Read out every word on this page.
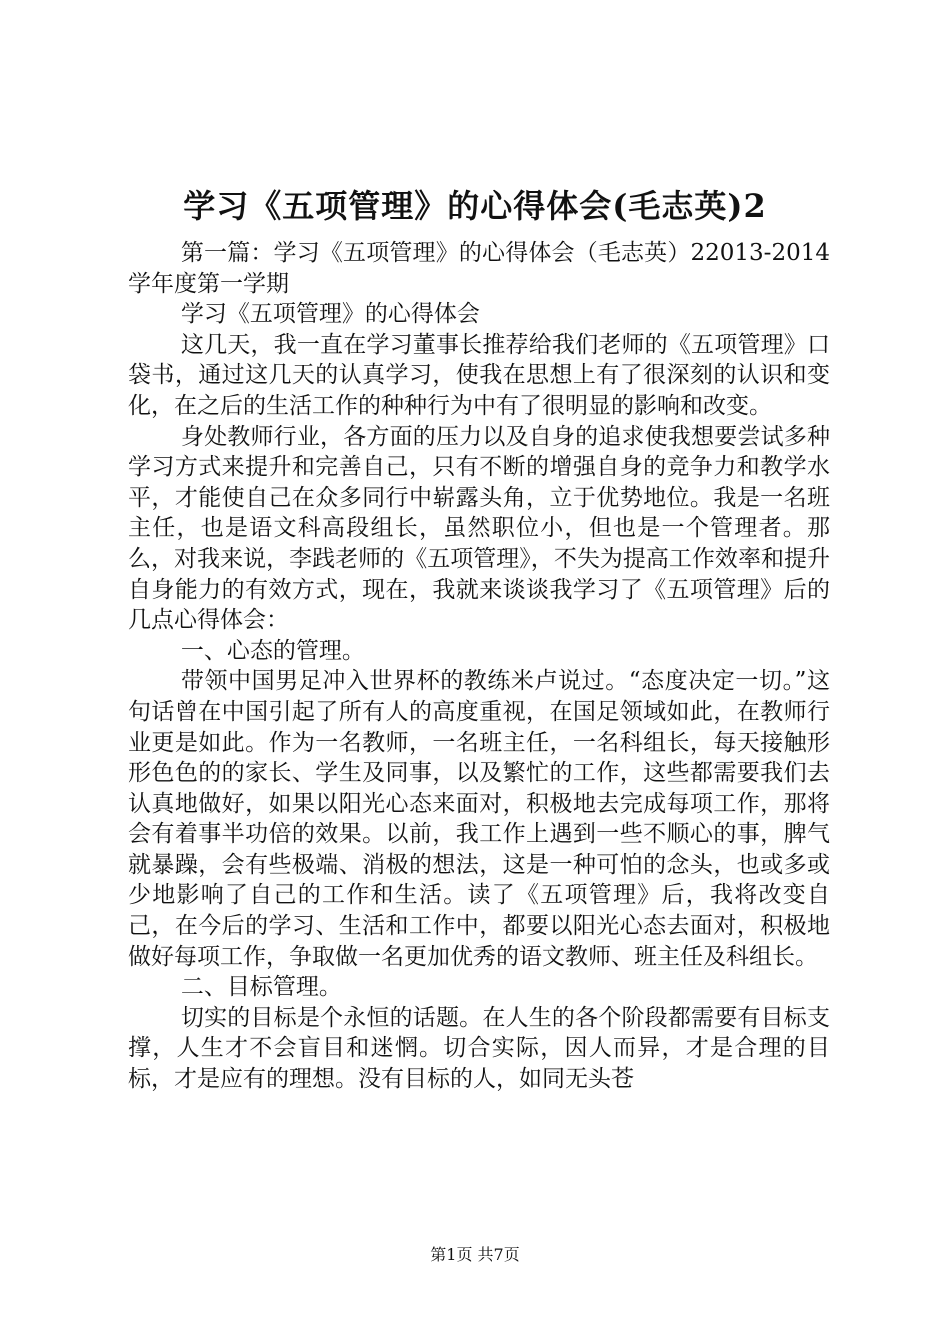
学习《五项管理》的心得体会(毛志英)2

第一篇：学习《五项管理》的心得体会（毛志英）22013-2014学年度第一学期

学习《五项管理》的心得体会

这几天，我一直在学习董事长推荐给我们老师的《五项管理》口袋书，通过这几天的认真学习，使我在思想上有了很深刻的认识和变化，在之后的生活工作的种种行为中有了很明显的影响和改变。

身处教师行业，各方面的压力以及自身的追求使我想要尝试多种学习方式来提升和完善自己，只有不断的增强自身的竞争力和教学水平，才能使自己在众多同行中崭露头角，立于优势地位。我是一名班主任，也是语文科高段组长，虽然职位小，但也是一个管理者。那么，对我来说，李践老师的《五项管理》，不失为提高工作效率和提升自身能力的有效方式，现在，我就来谈谈我学习了《五项管理》后的几点心得体会：

一、心态的管理。

带领中国男足冲入世界杯的教练米卢说过。“态度决定一切。”这句话曾在中国引起了所有人的高度重视，在国足领域如此，在教师行业更是如此。作为一名教师，一名班主任，一名科组长，每天接触形形色色的的家长、学生及同事，以及繁忙的工作，这些都需要我们去认真地做好，如果以阳光心态来面对，积极地去完成每项工作，那将会有着事半功倍的效果。以前，我工作上遇到一些不顺心的事，脾气就暴躁，会有些极端、消极的想法，这是一种可怕的念头，也或多或少地影响了自己的工作和生活。读了《五项管理》后，我将改变自己，在今后的学习、生活和工作中，都要以阳光心态去面对，积极地做好每项工作，争取做一名更加优秀的语文教师、班主任及科组长。

二、目标管理。

切实的目标是个永恒的话题。在人生的各个阶段都需要有目标支撑，人生才不会盲目和迷惘。切合实际，因人而异，才是合理的目标，才是应有的理想。没有目标的人，如同无头苍

第1页 共7页
